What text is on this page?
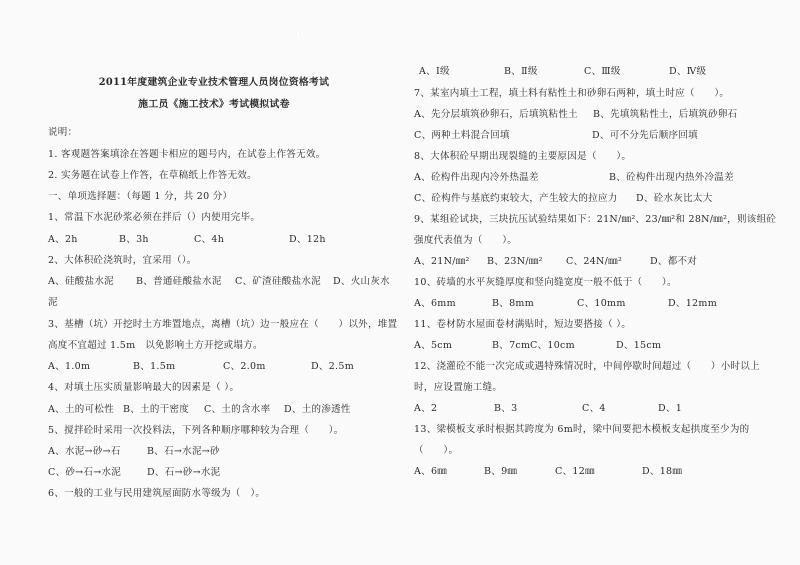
2011年度建筑企业专业技术管理人员岗位资格考试
施工员《施工技术》考试模拟试卷
说明：
1. 客观题答案填涂在答题卡相应的题号内，在试卷上作答无效。
2. 实务题在试卷上作答，在草稿纸上作答无效。
一、单项选择题：（每题 1 分，共 20 分）
1、常温下水泥砂浆必须在拌后（）内使用完毕。
A、2h	B、3h	C、4h	D、12h
2、大体积砼浇筑时，宜采用（）。
A、硅酸盐水泥 B、普通硅酸盐水泥 C、矿渣硅酸盐水泥 D、火山灰水
泥
3、基槽（坑）开挖时土方堆置地点，离槽（坑）边一般应在（　　）以外，堆置
高度不宜超过 1.5m　以免影响土方开挖或塌方。
A、1.0m	B、1.5m	C、2.0m	D、2.5m
4、对填土压实质量影响最大的因素是（ ）。
A、土的可松性 B、土的干密度 C、土的含水率 D、土的渗透性
5、搅拌砼时采用一次投料法，下列各种顺序哪种较为合理（　　）。
A、水泥→砂→石	B、石→水泥→砂
C、砂→石→水泥	D、石→砂→水泥
6、一般的工业与民用建筑屋面防水等级为（　）。
A、Ⅰ级	B、Ⅱ级	C、Ⅲ级	D、Ⅳ级
7、某室内填土工程，填土料有粘性土和砂卵石两种，填土时应（　　）。
A、先分层填筑砂卵石，后填筑粘性土 B、先填筑粘性土，后填筑砂卵石
C、两种土料混合回填	D、可不分先后顺序回填
8、大体积砼早期出现裂缝的主要原因是（　　）。
A、砼构件出现内冷外热温差	B、砼构件出现内热外冷温差
C、砼构件与基底约束较大，产生较大的拉应力 D、砼水灰比太大
9、某组砼试块，三块抗压试验结果如下：21N/㎜²、23/㎜²和 28N/㎜²，则该组砼
强度代表值为（　　）。
A、21N/㎜² B、23N/㎜² C、24N/㎜²	D、都不对
10、砖墙的水平灰缝厚度和竖向缝宽度一般不低于（　　）。
A、6mm	B、8mm	C、10mm	D、12mm
11、卷材防水屋面卷材满贴时，短边要搭接（ ）。
A、5cm	B、7cm C、10cm	D、15cm
12、浇灌砼不能一次完成或遇特殊情况时，中间停歇时间超过（　　）小时以上
时，应设置施工缝。
A、2	B、3	C、4	D、1
13、梁模板支承时根据其跨度为 6m时，梁中间要把木模板支起拱度至少为的
（　　）。
A、6㎜	B、9㎜	C、12㎜	D、18㎜
